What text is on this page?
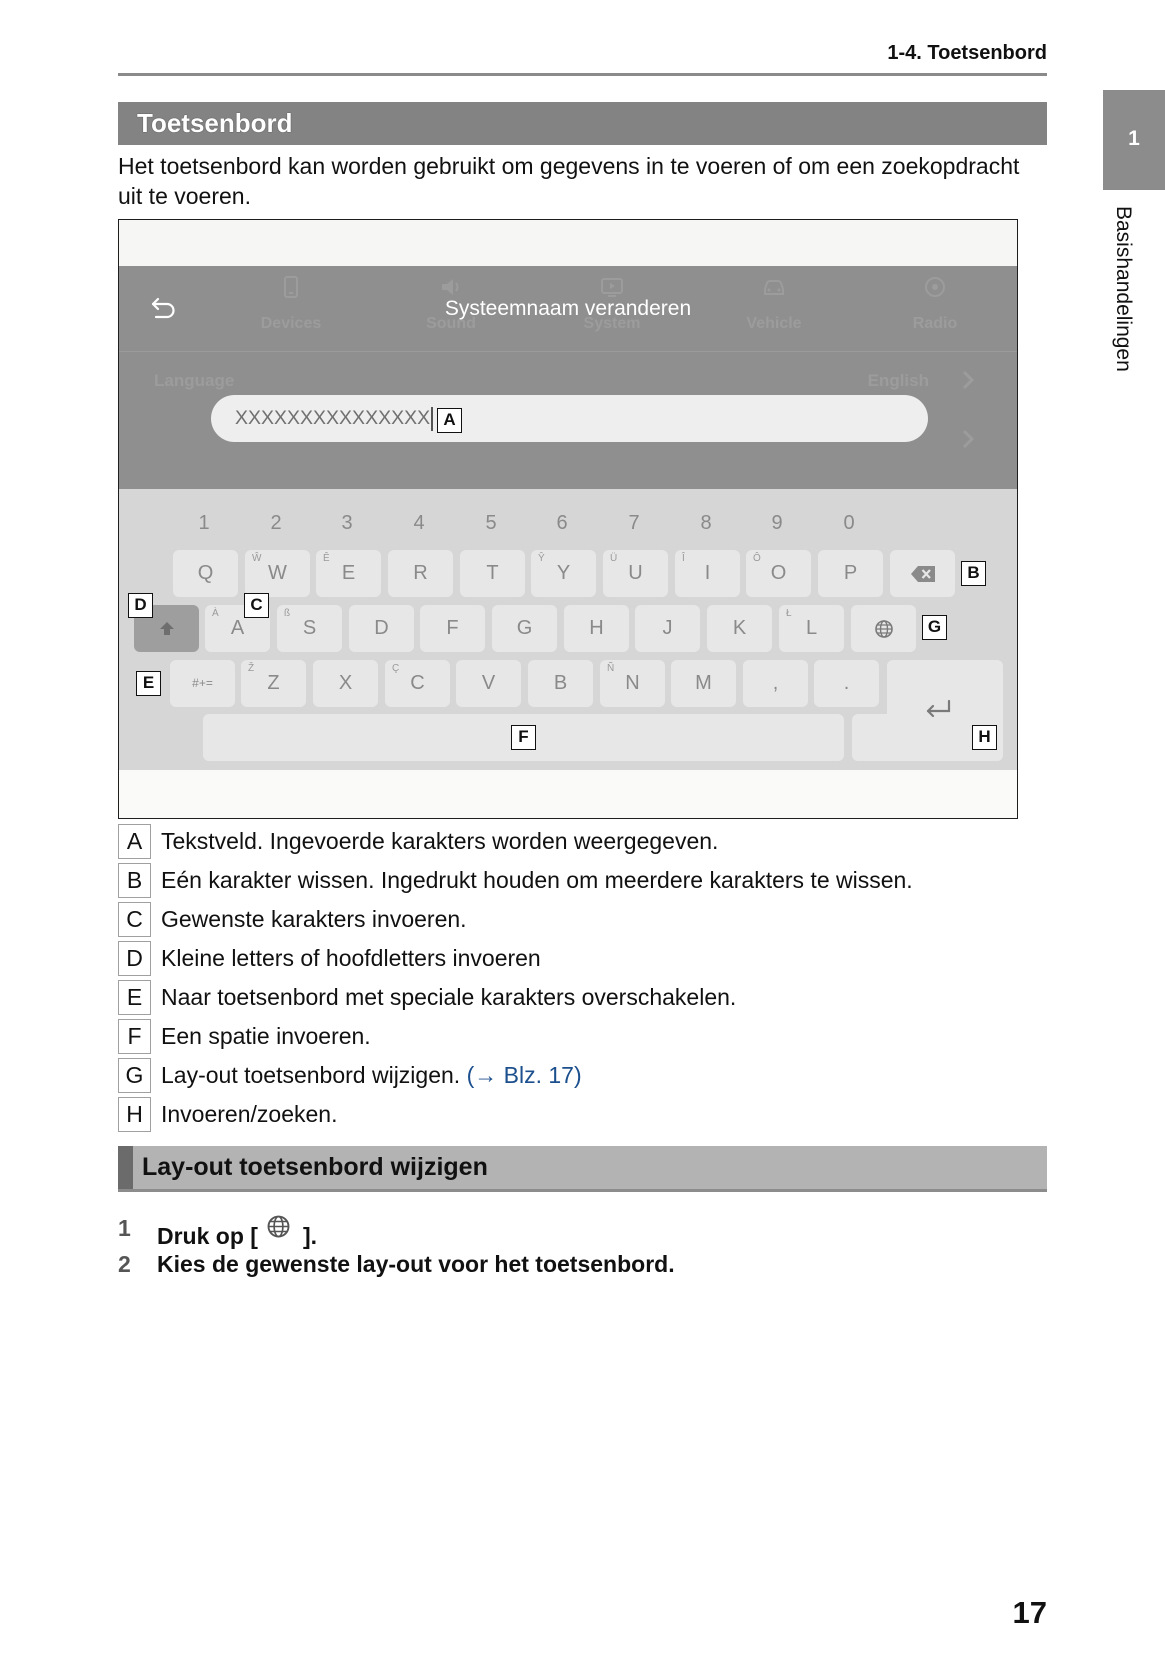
1-4. Toetsenbord
1
Basishandelingen
Toetsenbord
Het toetsenbord kan worden gebruikt om gegevens in te voeren of om een zoekopdracht uit te voeren.
Devices	Sound	System	Vehicle	Radio
Language	English
Systeemnaam veranderen
XXXXXXXXXXXXXXX
1	2	3	4	5	6	7	8	9	0
Q
Ŵ
W
Ê
E	R	T
Ŷ
Y
Ü
U
Î
I
Ô
O	P
À
A
ß
S	D	F	G	H	J	K
Ł
L
#+=
Ž
Z	X
Ç
C	V	B
Ñ
N	M	,	.
A
B
C
D
E
F
G
H
A Tekstveld. Ingevoerde karakters worden weergegeven.
B Eén karakter wissen. Ingedrukt houden om meerdere karakters te wissen.
C Gewenste karakters invoeren.
D Kleine letters of hoofdletters invoeren
E Naar toetsenbord met speciale karakters overschakelen.
F Een spatie invoeren.
G Lay-out toetsenbord wijzigen. (→ Blz. 17)
H Invoeren/zoeken.
Lay-out toetsenbord wijzigen
1 Druk op [ ].
2 Kies de gewenste lay-out voor het toetsenbord.
17
